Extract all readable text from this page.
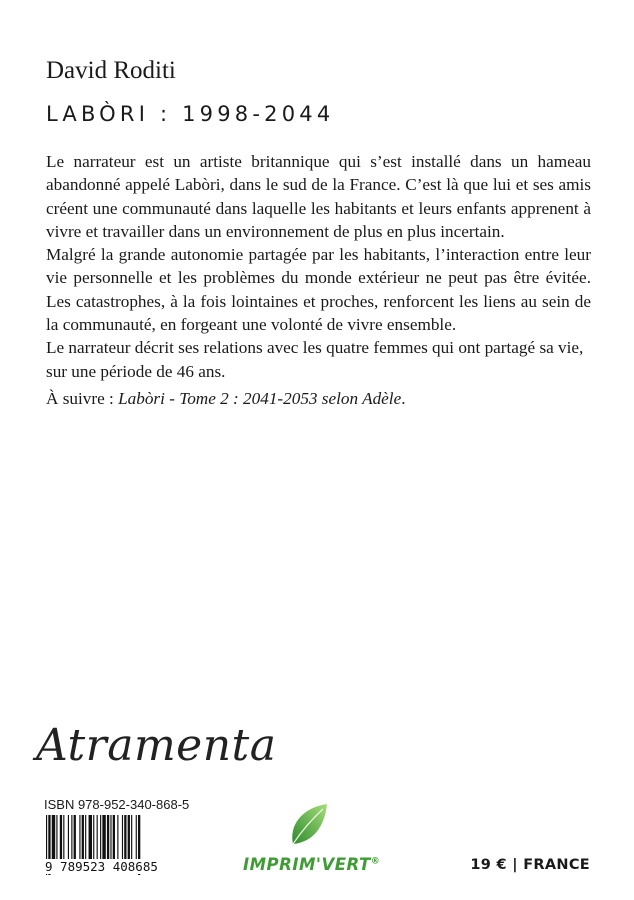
David Roditi
LABÒRI : 1998-2044

Le narrateur est un artiste britannique qui s’est installé dans un hameau abandonné appelé Labòri, dans le sud de la France. C’est là que lui et ses amis créent une communauté dans laquelle les habitants et leurs enfants apprenent à vivre et travailler dans un environnement de plus en plus incertain.

Malgré la grande autonomie partagée par les habitants, l’interaction entre leur vie personnelle et les problèmes du monde extérieur ne peut pas être évitée. Les catastrophes, à la fois lointaines et proches, renforcent les liens au sein de la communauté, en forgeant une volonté de vivre ensemble.

Le narrateur décrit ses relations avec les quatre femmes qui ont partagé sa vie, sur une période de 46 ans.

À suivre : Labòri - Tome 2 : 2041-2053 selon Adèle.
Atramenta
ISBN 978-952-340-868-5
9 789523 408685	IMPRIM'VERT®	19 € | FRANCE
